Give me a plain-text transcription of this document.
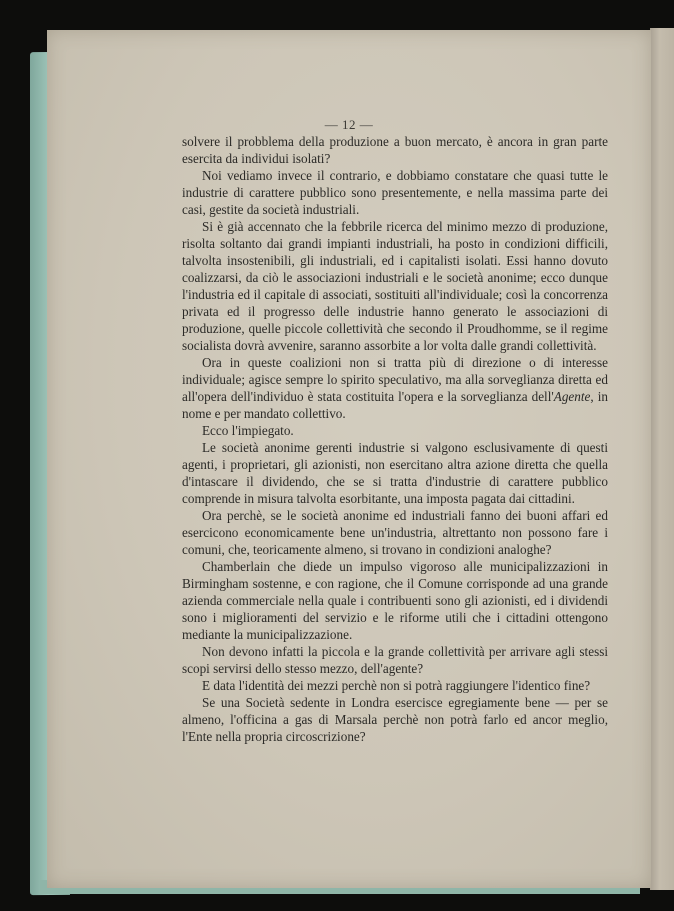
— 12 —

solvere il probblema della produzione a buon mercato, è ancora in gran parte esercita da individui isolati?

Noi vediamo invece il contrario, e dobbiamo constatare che quasi tutte le industrie di carattere pubblico sono presentemente, e nella massima parte dei casi, gestite da società industriali.

Si è già accennato che la febbrile ricerca del minimo mezzo di produzione, risolta soltanto dai grandi impianti industriali, ha posto in condizioni difficili, talvolta insostenibili, gli industriali, ed i capitalisti isolati. Essi hanno dovuto coalizzarsi, da ciò le associazioni industriali e le società anonime; ecco dunque l'industria ed il capitale di associati, sostituiti all'individuale; così la concorrenza privata ed il progresso delle industrie hanno generato le associazioni di produzione, quelle piccole collettività che secondo il Proudhomme, se il regime socialista dovrà avvenire, saranno assorbite a lor volta dalle grandi collettività.

Ora in queste coalizioni non si tratta più di direzione o di interesse individuale; agisce sempre lo spirito speculativo, ma alla sorveglianza diretta ed all'opera dell'individuo è stata costituita l'opera e la sorveglianza dell'Agente, in nome e per mandato collettivo.

Ecco l'impiegato.

Le società anonime gerenti industrie si valgono esclusivamente di questi agenti, i proprietari, gli azionisti, non esercitano altra azione diretta che quella d'intascare il dividendo, che se si tratta d'industrie di carattere pubblico comprende in misura talvolta esorbitante, una imposta pagata dai cittadini.

Ora perchè, se le società anonime ed industriali fanno dei buoni affari ed esercicono economicamente bene un'industria, altrettanto non possono fare i comuni, che, teoricamente almeno, si trovano in condizioni analoghe?

Chamberlain che diede un impulso vigoroso alle municipalizzazioni in Birmingham sostenne, e con ragione, che il Comune corrisponde ad una grande azienda commerciale nella quale i contribuenti sono gli azionisti, ed i dividendi sono i miglioramenti del servizio e le riforme utili che i cittadini ottengono mediante la municipalizzazione.

Non devono infatti la piccola e la grande collettività per arrivare agli stessi scopi servirsi dello stesso mezzo, dell'agente?

E data l'identità dei mezzi perchè non si potrà raggiungere l'identico fine?

Se una Società sedente in Londra esercisce egregiamente bene — per se almeno, l'officina a gas di Marsala perchè non potrà farlo ed ancor meglio, l'Ente nella propria circoscrizione?
